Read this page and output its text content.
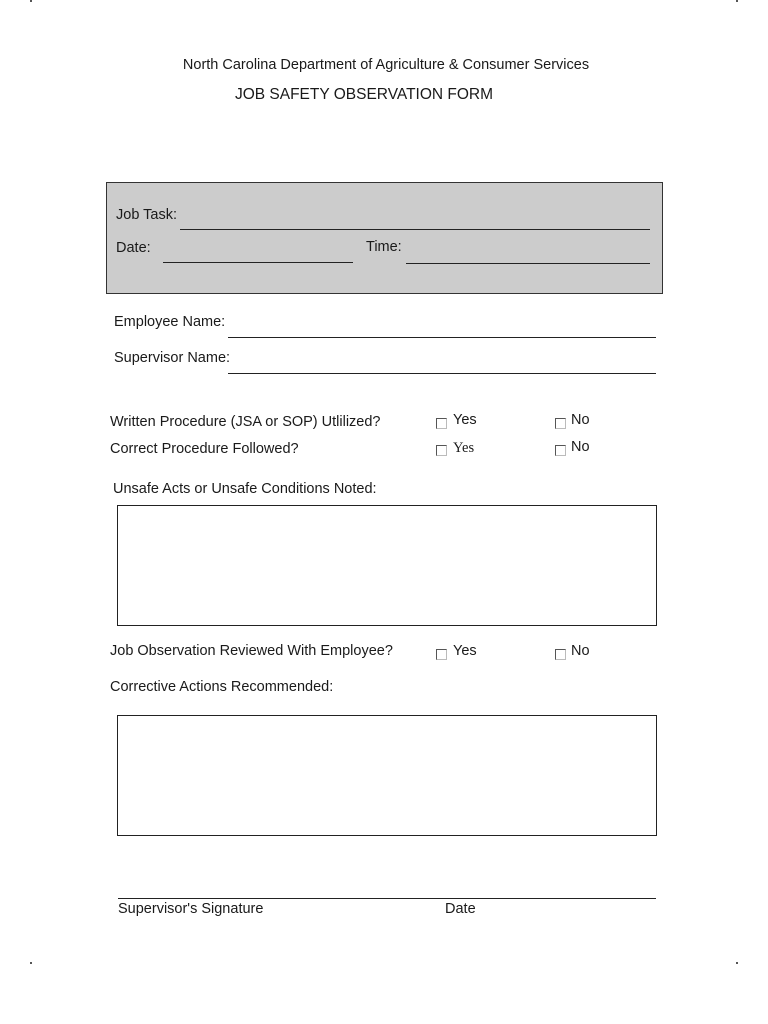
North Carolina Department of Agriculture & Consumer Services
JOB SAFETY OBSERVATION FORM
Job Task:
Date:	Time:
Employee Name:
Supervisor Name:
Written Procedure (JSA or SOP) Utlilized?	Yes	No
Correct Procedure Followed?	Yes	No
Unsafe Acts or Unsafe Conditions Noted:
Job Observation Reviewed With Employee?	Yes	No
Corrective Actions Recommended:
Supervisor's Signature	Date
